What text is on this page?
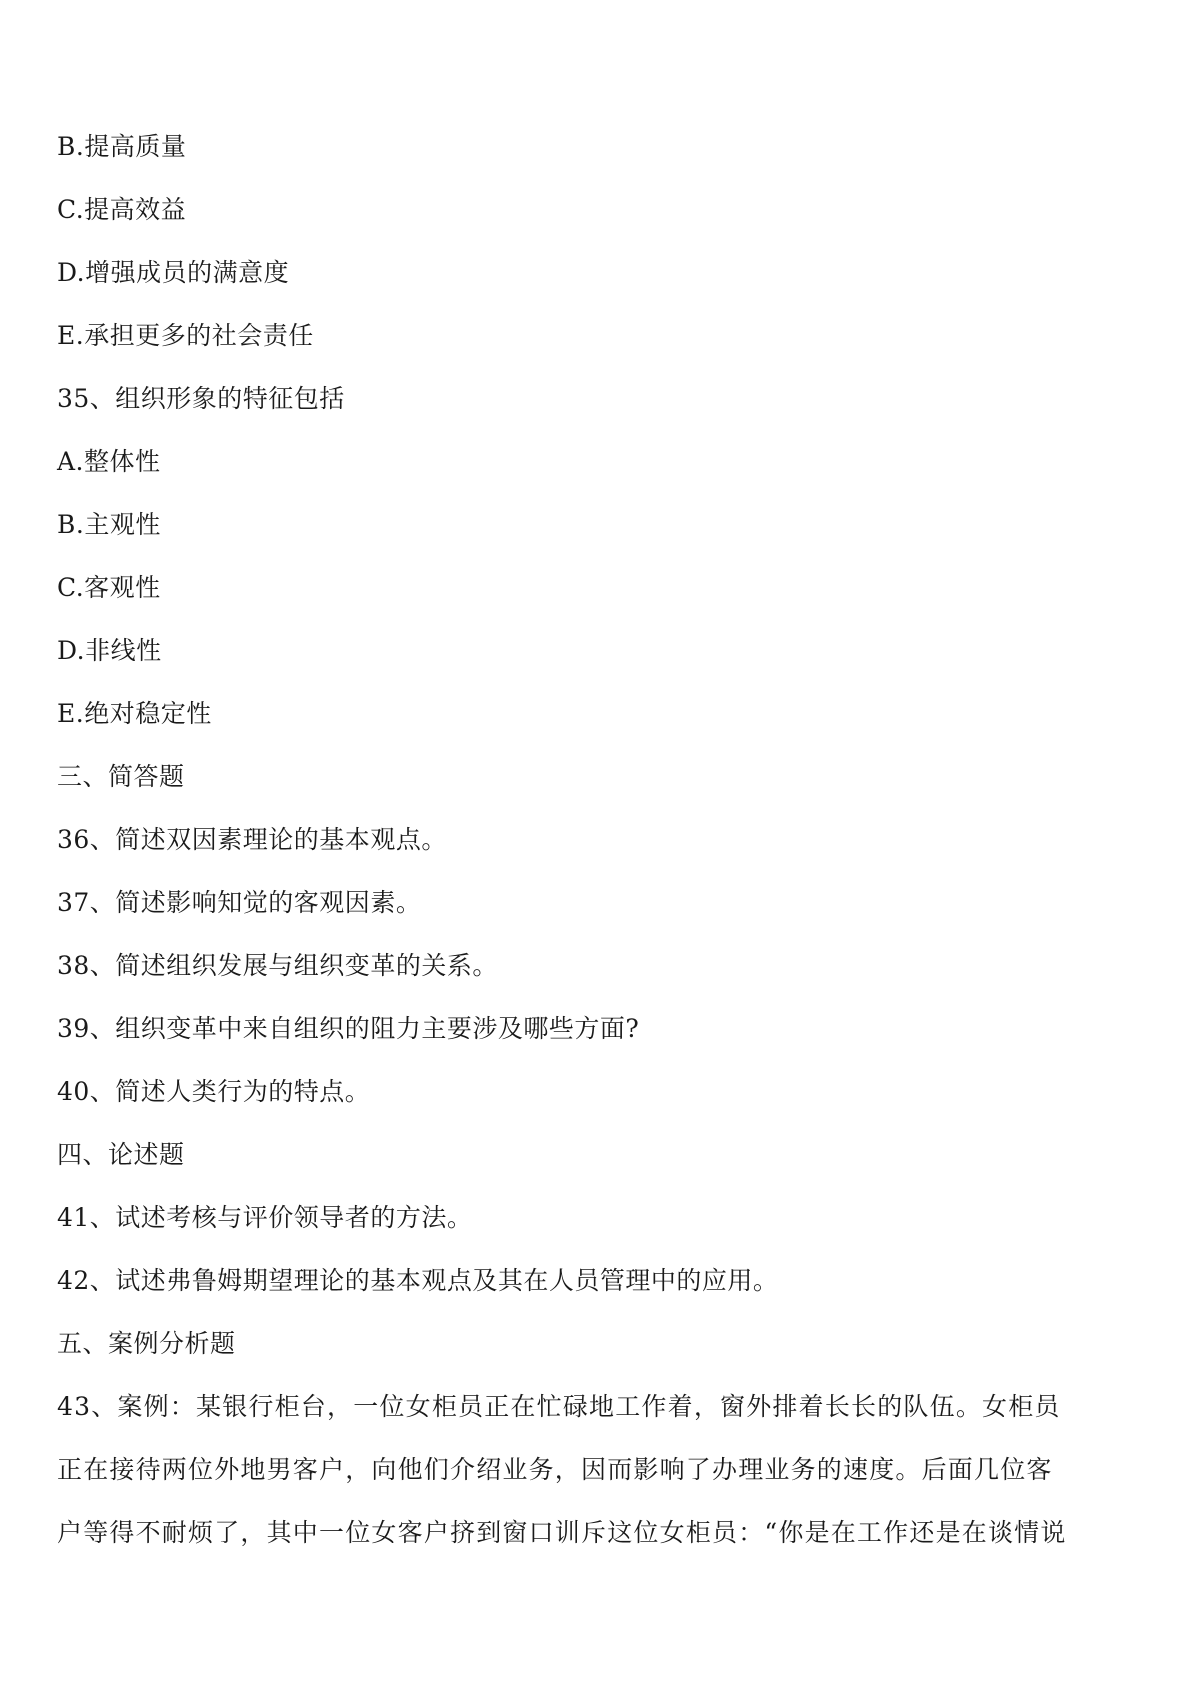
B.提高质量

C.提高效益

D.增强成员的满意度

E.承担更多的社会责任

35、组织形象的特征包括

A.整体性

B.主观性

C.客观性

D.非线性

E.绝对稳定性

三、简答题

36、简述双因素理论的基本观点。

37、简述影响知觉的客观因素。

38、简述组织发展与组织变革的关系。

39、组织变革中来自组织的阻力主要涉及哪些方面?

40、简述人类行为的特点。

四、论述题

41、试述考核与评价领导者的方法。

42、试述弗鲁姆期望理论的基本观点及其在人员管理中的应用。

五、案例分析题

43、案例：某银行柜台，一位女柜员正在忙碌地工作着，窗外排着长长的队伍。女柜员
正在接待两位外地男客户，向他们介绍业务，因而影响了办理业务的速度。后面几位客
户等得不耐烦了，其中一位女客户挤到窗口训斥这位女柜员：“你是在工作还是在谈情说
